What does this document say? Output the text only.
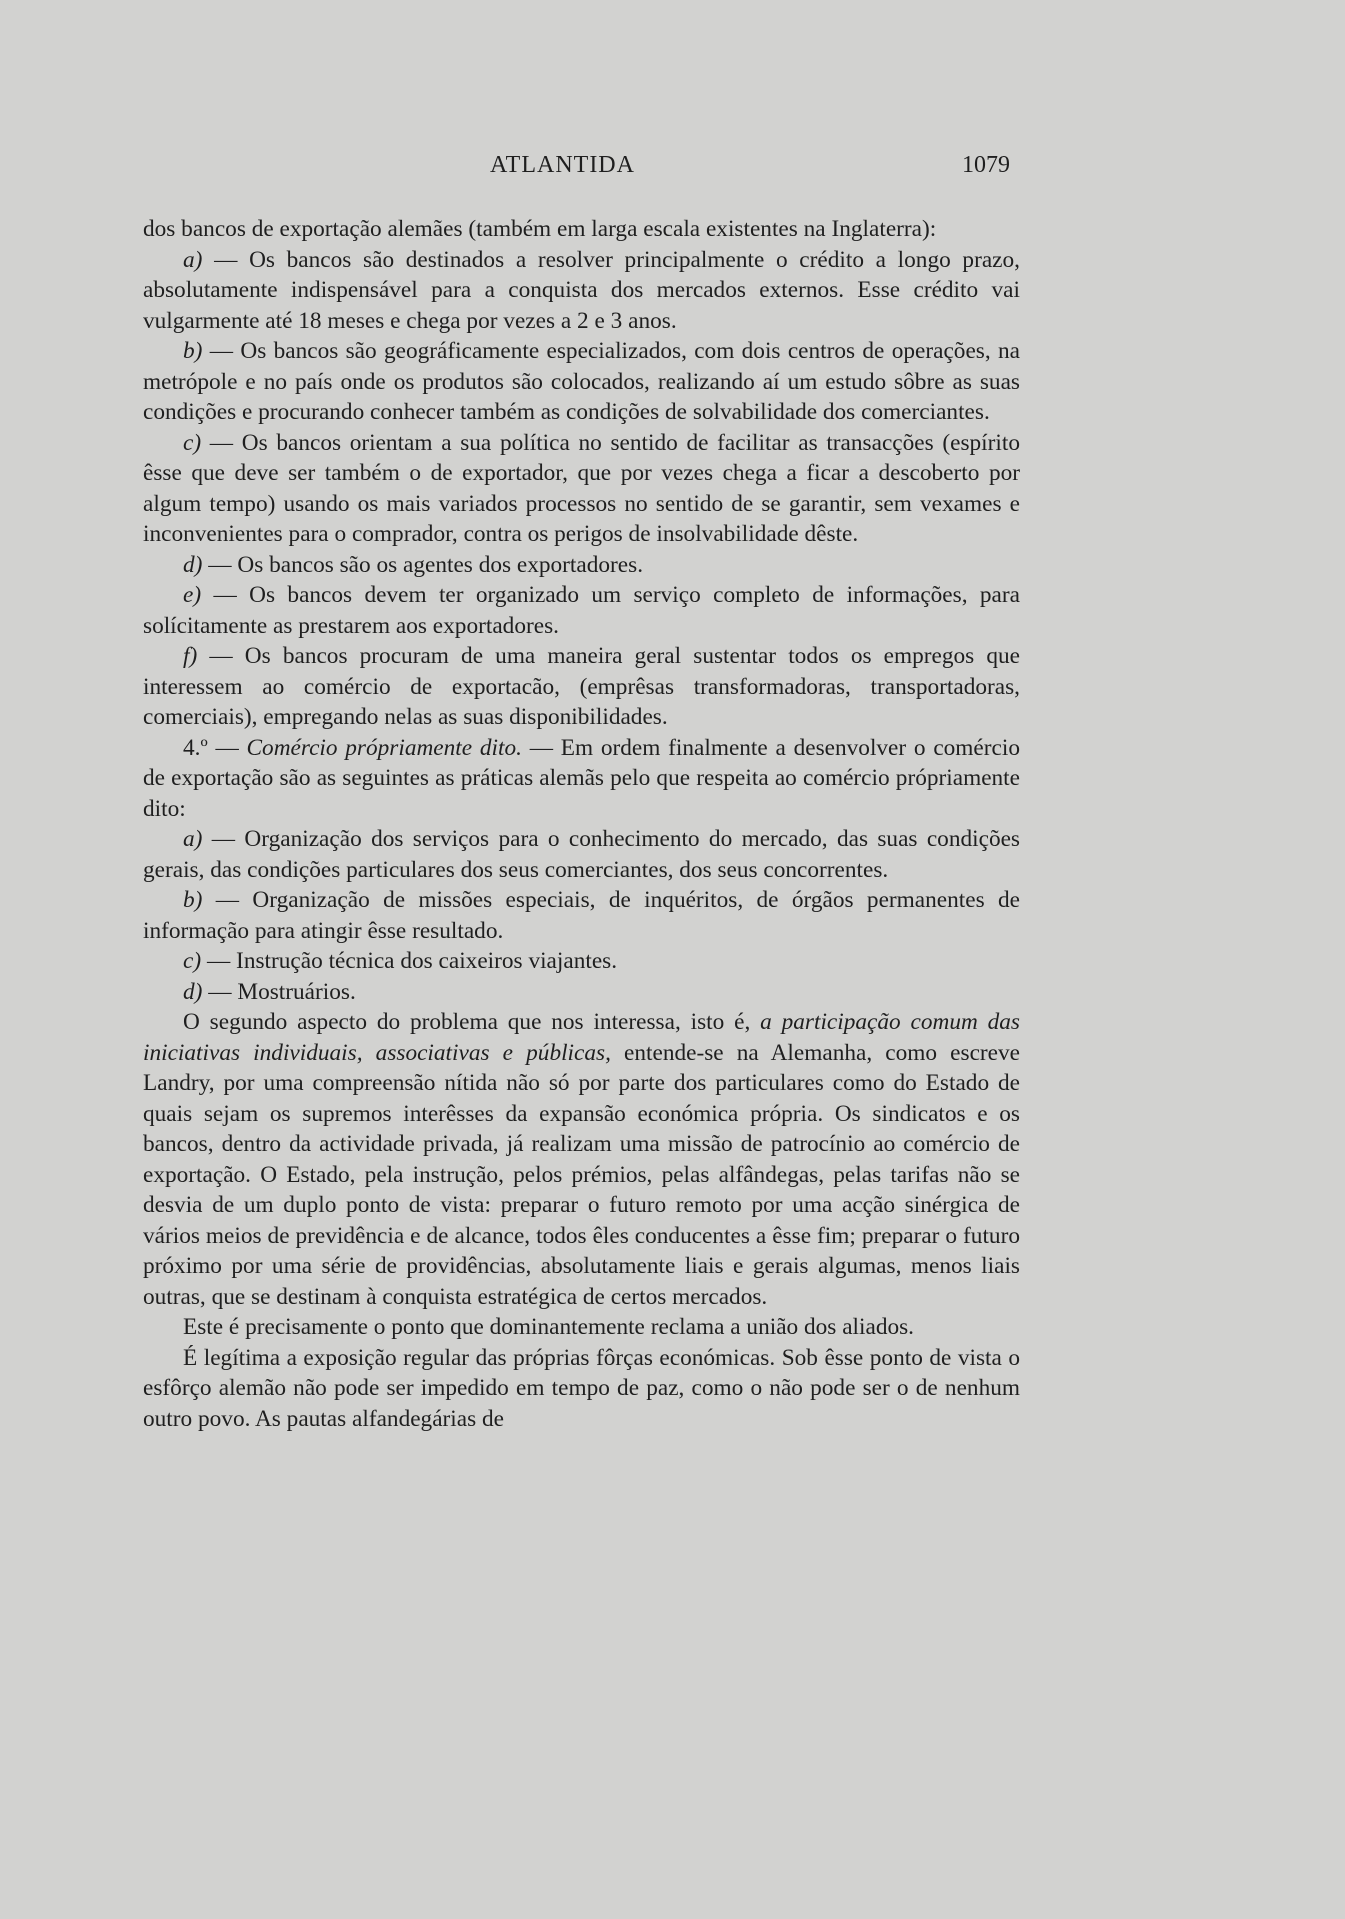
ATLANTIDA	1079

dos bancos de exportação alemães (também em larga escala existentes na Inglaterra):

a) — Os bancos são destinados a resolver principalmente o crédito a longo prazo, absolutamente indispensável para a conquista dos mercados externos. Esse crédito vai vulgarmente até 18 meses e chega por vezes a 2 e 3 anos.

b) — Os bancos são geográficamente especializados, com dois centros de operações, na metrópole e no país onde os produtos são colocados, realizando aí um estudo sôbre as suas condições e procurando conhecer também as condições de solvabilidade dos comerciantes.

c) — Os bancos orientam a sua política no sentido de facilitar as transacções (espírito êsse que deve ser também o de exportador, que por vezes chega a ficar a descoberto por algum tempo) usando os mais variados processos no sentido de se garantir, sem vexames e inconvenientes para o comprador, contra os perigos de insolvabilidade dêste.

d) — Os bancos são os agentes dos exportadores.

e) — Os bancos devem ter organizado um serviço completo de informações, para solícitamente as prestarem aos exportadores.

f) — Os bancos procuram de uma maneira geral sustentar todos os empregos que interessem ao comércio de exportacão, (emprêsas transformadoras, transportadoras, comerciais), empregando nelas as suas disponibilidades.

4.º — Comércio própriamente dito. — Em ordem finalmente a desenvolver o comércio de exportação são as seguintes as práticas alemãs pelo que respeita ao comércio própriamente dito:

a) — Organização dos serviços para o conhecimento do mercado, das suas condições gerais, das condições particulares dos seus comerciantes, dos seus concorrentes.

b) — Organização de missões especiais, de inquéritos, de órgãos permanentes de informação para atingir êsse resultado.

c) — Instrução técnica dos caixeiros viajantes.

d) — Mostruários.

O segundo aspecto do problema que nos interessa, isto é, a participação comum das iniciativas individuais, associativas e públicas, entende-se na Alemanha, como escreve Landry, por uma compreensão nítida não só por parte dos particulares como do Estado de quais sejam os supremos interêsses da expansão económica própria. Os sindicatos e os bancos, dentro da actividade privada, já realizam uma missão de patrocínio ao comércio de exportação. O Estado, pela instrução, pelos prémios, pelas alfândegas, pelas tarifas não se desvia de um duplo ponto de vista: preparar o futuro remoto por uma acção sinérgica de vários meios de previdência e de alcance, todos êles conducentes a êsse fim; preparar o futuro próximo por uma série de providências, absolutamente liais e gerais algumas, menos liais outras, que se destinam à conquista estratégica de certos mercados.

Este é precisamente o ponto que dominantemente reclama a união dos aliados.

É legítima a exposição regular das próprias fôrças económicas. Sob êsse ponto de vista o esfôrço alemão não pode ser impedido em tempo de paz, como o não pode ser o de nenhum outro povo. As pautas alfandegárias de
